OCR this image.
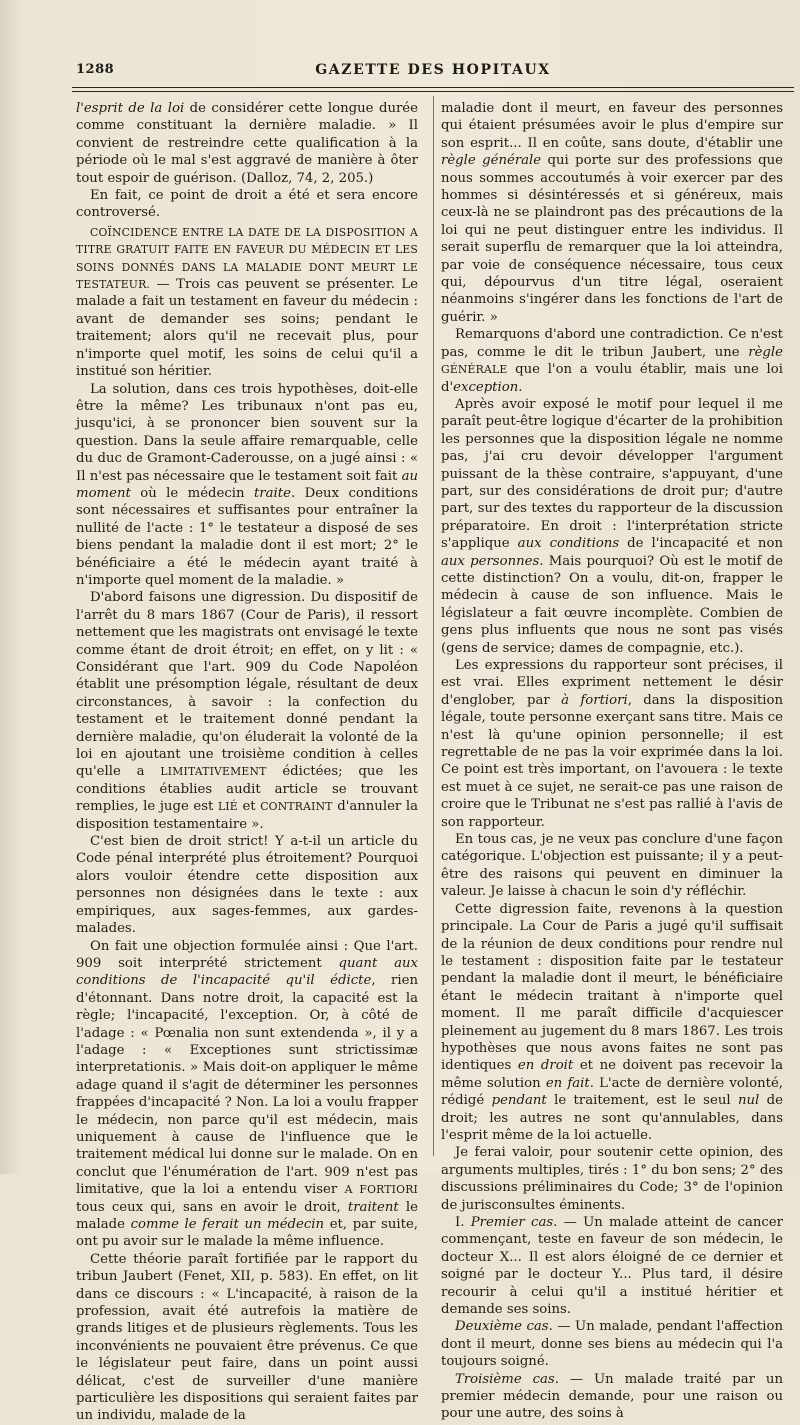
1288	GAZETTE DES HOPITAUX

l'esprit de la loi de considérer cette longue durée comme constituant la dernière maladie. » Il convient de restreindre cette qualification à la période où le mal s'est aggravé de manière à ôter tout espoir de guérison. (Dalloz, 74, 2, 205.)

En fait, ce point de droit a été et sera encore controversé.

COÏNCIDENCE ENTRE LA DATE DE LA DISPOSITION A TITRE GRATUIT FAITE EN FAVEUR DU MÉDECIN ET LES SOINS DONNÉS DANS LA MALADIE DONT MEURT LE TESTATEUR. — Trois cas peuvent se présenter. Le malade a fait un testament en faveur du médecin : avant de demander ses soins; pendant le traitement; alors qu'il ne recevait plus, pour n'importe quel motif, les soins de celui qu'il a institué son héritier.

La solution, dans ces trois hypothèses, doit-elle être la même? Les tribunaux n'ont pas eu, jusqu'ici, à se prononcer bien souvent sur la question. Dans la seule affaire remarquable, celle du duc de Gramont-Caderousse, on a jugé ainsi : « Il n'est pas nécessaire que le testament soit fait au moment où le médecin traite. Deux conditions sont nécessaires et suffisantes pour entraîner la nullité de l'acte : 1° le testateur a disposé de ses biens pendant la maladie dont il est mort; 2° le bénéficiaire a été le médecin ayant traité à n'importe quel moment de la maladie. »

D'abord faisons une digression. Du dispositif de l'arrêt du 8 mars 1867 (Cour de Paris), il ressort nettement que les magistrats ont envisagé le texte comme étant de droit étroit; en effet, on y lit : « Considérant que l'art. 909 du Code Napoléon établit une présomption légale, résultant de deux circonstances, à savoir : la confection du testament et le traitement donné pendant la dernière maladie, qu'on éluderait la volonté de la loi en ajoutant une troisième condition à celles qu'elle a LIMITATIVEMENT édictées; que les conditions établies audit article se trouvant remplies, le juge est LIÉ et CONTRAINT d'annuler la disposition testamentaire ».

C'est bien de droit strict! Y a-t-il un article du Code pénal interprété plus étroitement? Pourquoi alors vouloir étendre cette disposition aux personnes non désignées dans le texte : aux empiriques, aux sages-femmes, aux gardes-malades.

On fait une objection formulée ainsi : Que l'art. 909 soit interprété strictement quant aux conditions de l'incapacité qu'il édicte, rien d'étonnant. Dans notre droit, la capacité est la règle; l'incapacité, l'exception. Or, à côté de l'adage : « Pœnalia non sunt extendenda », il y a l'adage : « Exceptiones sunt strictissimæ interpretationis. » Mais doit-on appliquer le même adage quand il s'agit de déterminer les personnes frappées d'incapacité ? Non. La loi a voulu frapper le médecin, non parce qu'il est médecin, mais uniquement à cause de l'influence que le traitement médical lui donne sur le malade. On en conclut que l'énumération de l'art. 909 n'est pas limitative, que la loi a entendu viser A FORTIORI tous ceux qui, sans en avoir le droit, traitent le malade comme le ferait un médecin et, par suite, ont pu avoir sur le malade la même influence.

Cette théorie paraît fortifiée par le rapport du tribun Jaubert (Fenet, XII, p. 583). En effet, on lit dans ce discours : « L'incapacité, à raison de la profession, avait été autrefois la matière de grands litiges et de plusieurs règlements. Tous les inconvénients ne pouvaient être prévenus. Ce que le législateur peut faire, dans un point aussi délicat, c'est de surveiller d'une manière particulière les dispositions qui seraient faites par un individu, malade de la

maladie dont il meurt, en faveur des personnes qui étaient présumées avoir le plus d'empire sur son esprit... Il en coûte, sans doute, d'établir une règle générale qui porte sur des professions que nous sommes accoutumés à voir exercer par des hommes si désintéressés et si généreux, mais ceux-là ne se plaindront pas des précautions de la loi qui ne peut distinguer entre les individus. Il serait superflu de remarquer que la loi atteindra, par voie de conséquence nécessaire, tous ceux qui, dépourvus d'un titre légal, oseraient néanmoins s'ingérer dans les fonctions de l'art de guérir. »

Remarquons d'abord une contradiction. Ce n'est pas, comme le dit le tribun Jaubert, une règle GÉNÉRALE que l'on a voulu établir, mais une loi d'exception.

Après avoir exposé le motif pour lequel il me paraît peut-être logique d'écarter de la prohibition les personnes que la disposition légale ne nomme pas, j'ai cru devoir développer l'argument puissant de la thèse contraire, s'appuyant, d'une part, sur des considérations de droit pur; d'autre part, sur des textes du rapporteur de la discussion préparatoire. En droit : l'interprétation stricte s'applique aux conditions de l'incapacité et non aux personnes. Mais pourquoi? Où est le motif de cette distinction? On a voulu, dit-on, frapper le médecin à cause de son influence. Mais le législateur a fait œuvre incomplète. Combien de gens plus influents que nous ne sont pas visés (gens de service; dames de compagnie, etc.).

Les expressions du rapporteur sont précises, il est vrai. Elles expriment nettement le désir d'englober, par à fortiori, dans la disposition légale, toute personne exerçant sans titre. Mais ce n'est là qu'une opinion personnelle; il est regrettable de ne pas la voir exprimée dans la loi. Ce point est très important, on l'avouera : le texte est muet à ce sujet, ne serait-ce pas une raison de croire que le Tribunat ne s'est pas rallié à l'avis de son rapporteur.

En tous cas, je ne veux pas conclure d'une façon catégorique. L'objection est puissante; il y a peut-être des raisons qui peuvent en diminuer la valeur. Je laisse à chacun le soin d'y réfléchir.

Cette digression faite, revenons à la question principale. La Cour de Paris a jugé qu'il suffisait de la réunion de deux conditions pour rendre nul le testament : disposition faite par le testateur pendant la maladie dont il meurt, le bénéficiaire étant le médecin traitant à n'importe quel moment. Il me paraît difficile d'acquiescer pleinement au jugement du 8 mars 1867. Les trois hypothèses que nous avons faites ne sont pas identiques en droit et ne doivent pas recevoir la même solution en fait. L'acte de dernière volonté, rédigé pendant le traitement, est le seul nul de droit; les autres ne sont qu'annulables, dans l'esprit même de la loi actuelle.

Je ferai valoir, pour soutenir cette opinion, des arguments multiples, tirés : 1° du bon sens; 2° des discussions préliminaires du Code; 3° de l'opinion de jurisconsultes éminents.

I. Premier cas. — Un malade atteint de cancer commençant, teste en faveur de son médecin, le docteur X... Il est alors éloigné de ce dernier et soigné par le docteur Y... Plus tard, il désire recourir à celui qu'il a institué héritier et demande ses soins.

Deuxième cas. — Un malade, pendant l'affection dont il meurt, donne ses biens au médecin qui l'a toujours soigné.

Troisième cas. — Un malade traité par un premier médecin demande, pour une raison ou pour une autre, des soins à
